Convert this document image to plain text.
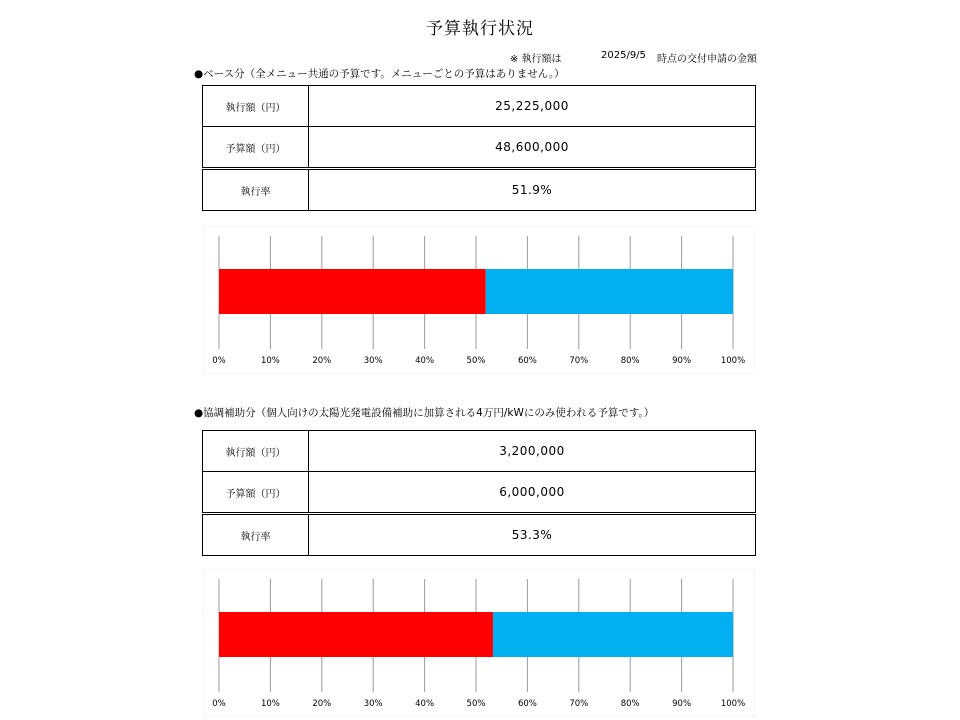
予算執行状況
※ 執行額は	2025/9/5 時点の交付申請の金額
●ベース分（全メニュー共通の予算です。メニューごとの予算はありません。）
執行額（円）	25,225,000
予算額（円）	48,600,000
執行率	51.9%
0%	10%	20%	30%	40%	50%	60%	70%	80%	90%	100%
●協調補助分（個人向けの太陽光発電設備補助に加算される4万円/kWにのみ使われる予算です。）
執行額（円）	3,200,000
予算額（円）	6,000,000
執行率	53.3%
0%	10%	20%	30%	40%	50%	60%	70%	80%	90%	100%
